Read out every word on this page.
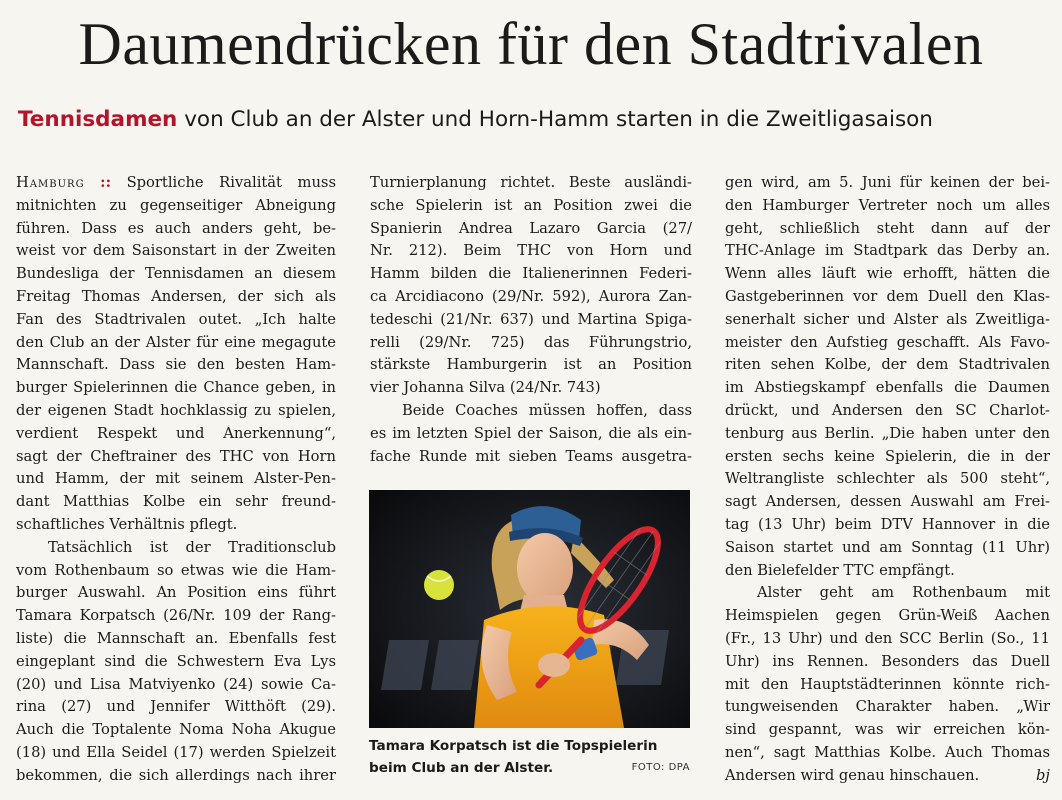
Daumendrücken für den Stadtrivalen

Tennisdamen von Club an der Alster und Horn-Hamm starten in die Zweitligasaison

Hamburg :: Sportliche Rivalität muss
mitnichten zu gegenseitiger Abneigung
führen. Dass es auch anders geht, be-
weist vor dem Saisonstart in der Zweiten
Bundesliga der Tennisdamen an diesem
Freitag Thomas Andersen, der sich als
Fan des Stadtrivalen outet. „Ich halte
den Club an der Alster für eine megagute
Mannschaft. Dass sie den besten Ham-
burger Spielerinnen die Chance geben, in
der eigenen Stadt hochklassig zu spielen,
verdient Respekt und Anerkennung“,
sagt der Cheftrainer des THC von Horn
und Hamm, der mit seinem Alster-Pen-
dant Matthias Kolbe ein sehr freund-
schaftliches Verhältnis pflegt.
Tatsächlich ist der Traditionsclub
vom Rothenbaum so etwas wie die Ham-
burger Auswahl. An Position eins führt
Tamara Korpatsch (26/Nr. 109 der Rang-
liste) die Mannschaft an. Ebenfalls fest
eingeplant sind die Schwestern Eva Lys
(20) und Lisa Matviyenko (24) sowie Ca-
rina (27) und Jennifer Witthöft (29).
Auch die Toptalente Noma Noha Akugue
(18) und Ella Seidel (17) werden Spielzeit
bekommen, die sich allerdings nach ihrer
Turnierplanung richtet. Beste ausländi-
sche Spielerin ist an Position zwei die
Spanierin Andrea Lazaro Garcia (27/
Nr. 212). Beim THC von Horn und
Hamm bilden die Italienerinnen Federi-
ca Arcidiacono (29/Nr. 592), Aurora Zan-
tedeschi (21/Nr. 637) und Martina Spiga-
relli (29/Nr. 725) das Führungstrio,
stärkste Hamburgerin ist an Position
vier Johanna Silva (24/Nr. 743)
Beide Coaches müssen hoffen, dass
es im letzten Spiel der Saison, die als ein-
fache Runde mit sieben Teams ausgetra-
Tamara Korpatsch ist die Topspielerin beim Club an der Alster.	FOTO: DPA
gen wird, am 5. Juni für keinen der bei-
den Hamburger Vertreter noch um alles
geht, schließlich steht dann auf der
THC-Anlage im Stadtpark das Derby an.
Wenn alles läuft wie erhofft, hätten die
Gastgeberinnen vor dem Duell den Klas-
senerhalt sicher und Alster als Zweitliga-
meister den Aufstieg geschafft. Als Favo-
riten sehen Kolbe, der dem Stadtrivalen
im Abstiegskampf ebenfalls die Daumen
drückt, und Andersen den SC Charlot-
tenburg aus Berlin. „Die haben unter den
ersten sechs keine Spielerin, die in der
Weltrangliste schlechter als 500 steht“,
sagt Andersen, dessen Auswahl am Frei-
tag (13 Uhr) beim DTV Hannover in die
Saison startet und am Sonntag (11 Uhr)
den Bielefelder TTC empfängt.
Alster geht am Rothenbaum mit
Heimspielen gegen Grün-Weiß Aachen
(Fr., 13 Uhr) und den SCC Berlin (So., 11
Uhr) ins Rennen. Besonders das Duell
mit den Hauptstädterinnen könnte rich-
tungweisenden Charakter haben. „Wir
sind gespannt, was wir erreichen kön-
nen“, sagt Matthias Kolbe. Auch Thomas
Andersen wird genau hinschauen.	bj
